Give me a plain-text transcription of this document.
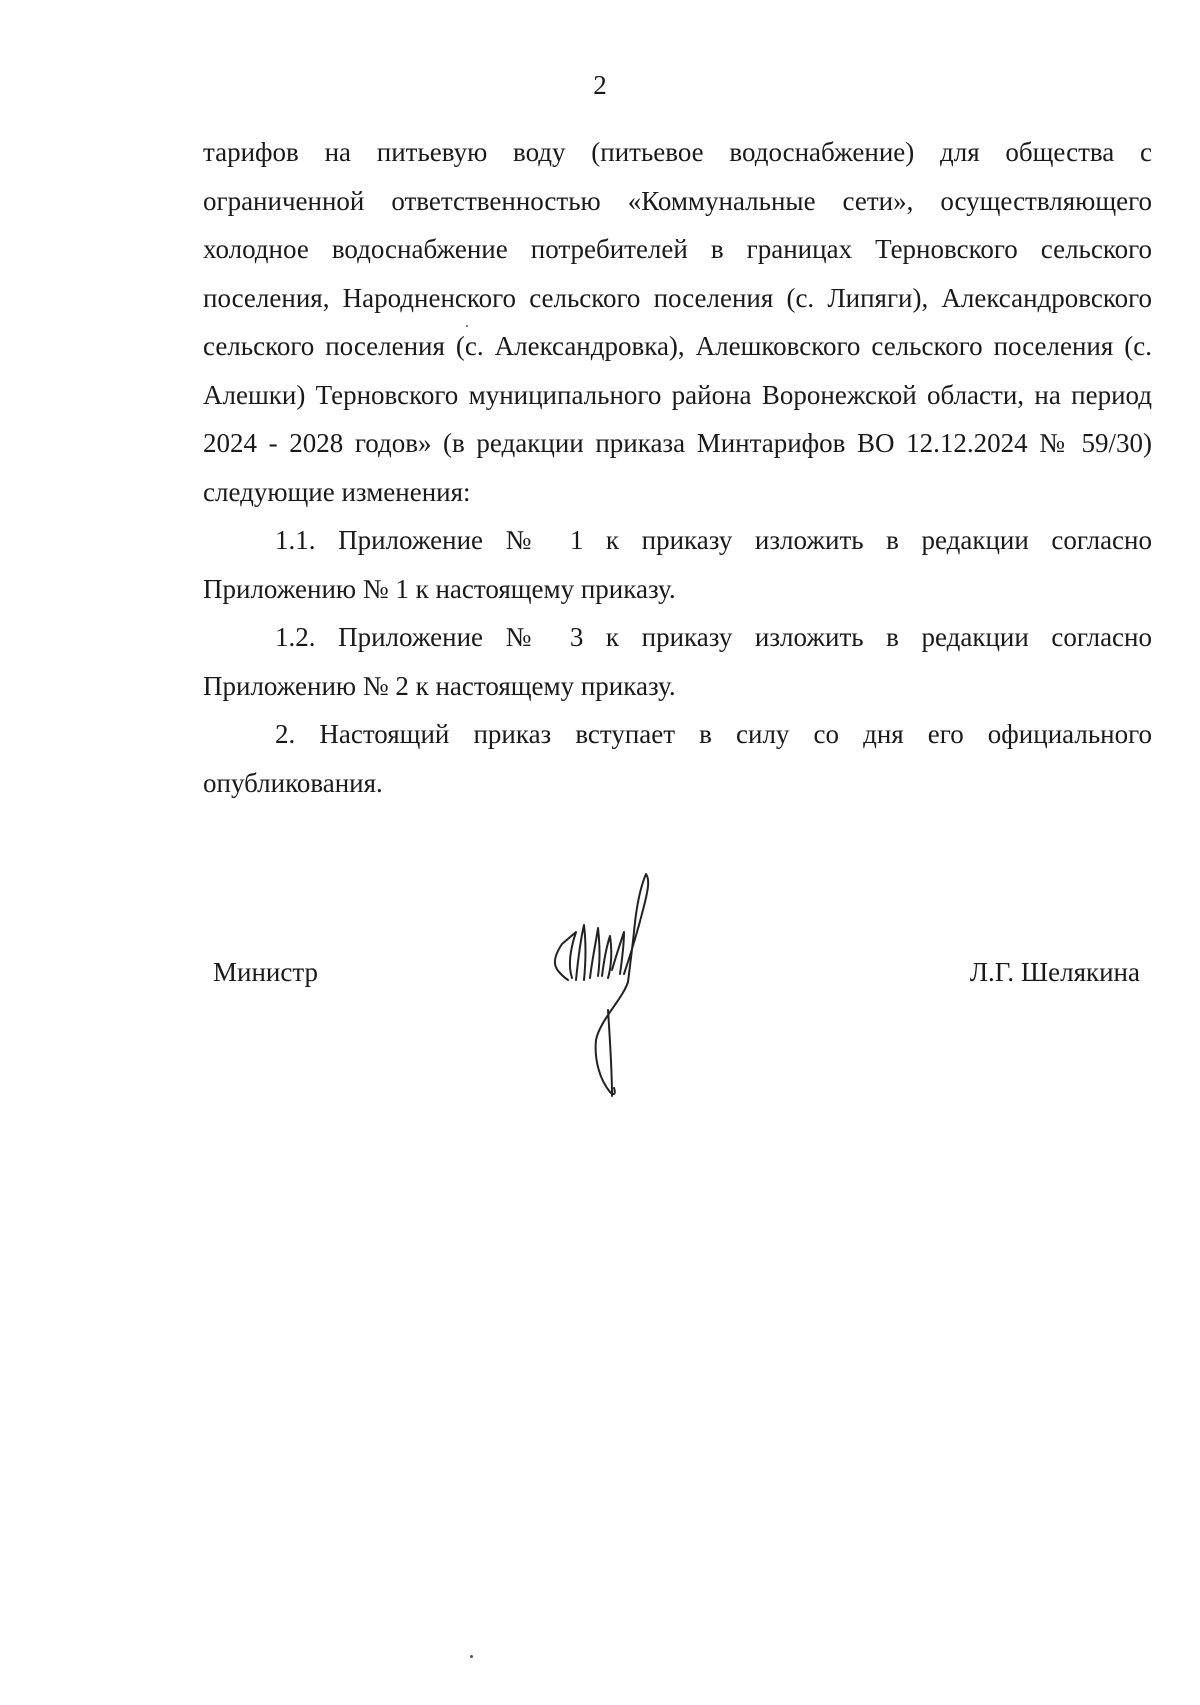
2

тарифов на питьевую воду (питьевое водоснабжение) для общества с ограниченной ответственностью «Коммунальные сети», осуществляющего холодное водоснабжение потребителей в границах Терновского сельского поселения, Народненского сельского поселения (с. Липяги), Александровского сельского поселения (с. Александровка), Алешковского сельского поселения (с. Алешки) Терновского муниципального района Воронежской области, на период 2024 - 2028 годов» (в редакции приказа Минтарифов ВО 12.12.2024 № 59/30) следующие изменения:

1.1. Приложение № 1 к приказу изложить в редакции согласно Приложению № 1 к настоящему приказу.

1.2. Приложение № 3 к приказу изложить в редакции согласно Приложению № 2 к настоящему приказу.

2. Настоящий приказ вступает в силу со дня его официального опубликования.

Министр	Л.Г. Шелякина
